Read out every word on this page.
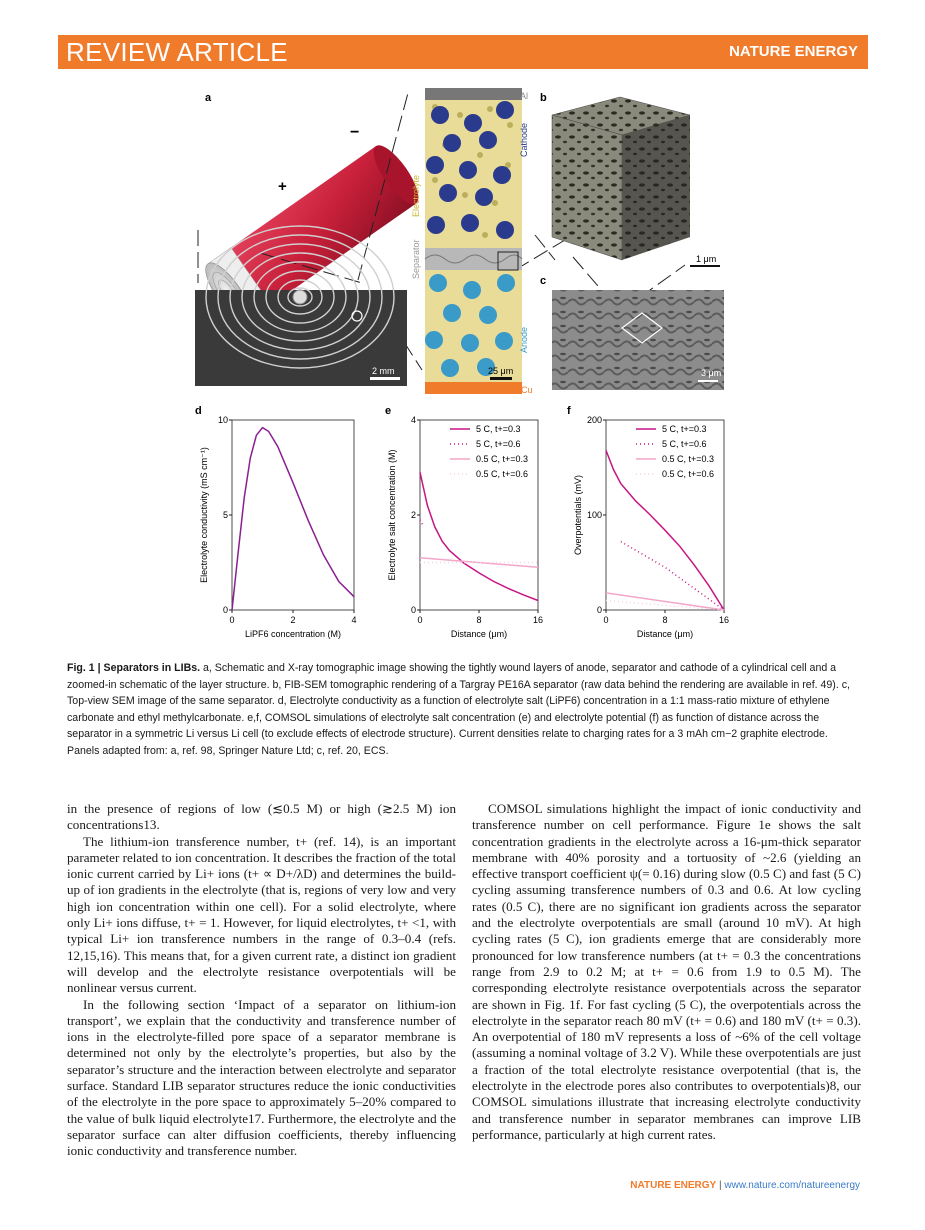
REVIEW ARTICLE	NATURE ENERGY
a
−
+
2 mm
Al
Cathode
Electrolyte
Separator
Anode
Cu
25 μm
b
1 μm
c
3 μm
d
0	2	4
0
5
10
LiPF6 concentration (M)
Electrolyte conductivity (mS cm⁻¹)
e
0	8	16
0
2
4
Distance (μm)
Electrolyte salt concentration (M)
5 C, t+=0.3
5 C, t+=0.6
0.5 C, t+=0.3
0.5 C, t+=0.6
f
0	8	16
0
100
200
Distance (μm)
Overpotentials (mV)
5 C, t+=0.3
5 C, t+=0.6
0.5 C, t+=0.3
0.5 C, t+=0.6
Fig. 1 | Separators in LIBs. a, Schematic and X-ray tomographic image showing the tightly wound layers of anode, separator and cathode of a cylindrical cell and a zoomed-in schematic of the layer structure. b, FIB-SEM tomographic rendering of a Targray PE16A separator (raw data behind the rendering are available in ref. 49). c, Top-view SEM image of the same separator. d, Electrolyte conductivity as a function of electrolyte salt (LiPF6) concentration in a 1:1 mass-ratio mixture of ethylene carbonate and ethyl methylcarbonate. e,f, COMSOL simulations of electrolyte salt concentration (e) and electrolyte potential (f) as function of distance across the separator in a symmetric Li versus Li cell (to exclude effects of electrode structure). Current densities relate to charging rates for a 3 mAh cm−2 graphite electrode. Panels adapted from: a, ref. 98, Springer Nature Ltd; c, ref. 20, ECS.

in the presence of regions of low (≲0.5 M) or high (≳2.5 M) ion concentrations13.

The lithium-ion transference number, t+ (ref. 14), is an important parameter related to ion concentration. It describes the fraction of the total ionic current carried by Li+ ions (t+ ∝ D+/λD) and determines the build-up of ion gradients in the electrolyte (that is, regions of very low and very high ion concentration within one cell). For a solid electrolyte, where only Li+ ions diffuse, t+ = 1. However, for liquid electrolytes, t+ <1, with typical Li+ ion transference numbers in the range of 0.3–0.4 (refs. 12,15,16). This means that, for a given current rate, a distinct ion gradient will develop and the electrolyte resistance overpotentials will be nonlinear versus current.

In the following section ‘Impact of a separator on lithium-ion transport’, we explain that the conductivity and transference number of ions in the electrolyte-filled pore space of a separator membrane is determined not only by the electrolyte’s properties, but also by the separator’s structure and the interaction between electrolyte and separator surface. Standard LIB separator structures reduce the ionic conductivities of the electrolyte in the pore space to approximately 5–20% compared to the value of bulk liquid electrolyte17. Furthermore, the electrolyte and the separator surface can alter diffusion coefficients, thereby influencing ionic conductivity and transference number.

COMSOL simulations highlight the impact of ionic conductivity and transference number on cell performance. Figure 1e shows the salt concentration gradients in the electrolyte across a 16-μm-thick separator membrane with 40% porosity and a tortuosity of ~2.6 (yielding an effective transport coefficient ψ(= 0.16) during slow (0.5 C) and fast (5 C) cycling assuming transference numbers of 0.3 and 0.6. At low cycling rates (0.5 C), there are no significant ion gradients across the separator and the electrolyte overpotentials are small (around 10 mV). At high cycling rates (5 C), ion gradients emerge that are considerably more pronounced for low transference numbers (at t+ = 0.3 the concentrations range from 2.9 to 0.2 M; at t+ = 0.6 from 1.9 to 0.5 M). The corresponding electrolyte resistance overpotentials across the separator are shown in Fig. 1f. For fast cycling (5 C), the overpotentials across the electrolyte in the separator reach 80 mV (t+ = 0.6) and 180 mV (t+ = 0.3). An overpotential of 180 mV represents a loss of ~6% of the cell voltage (assuming a nominal voltage of 3.2 V). While these overpotentials are just a fraction of the total electrolyte resistance overpotential (that is, the electrolyte in the electrode pores also contributes to overpotentials)8, our COMSOL simulations illustrate that increasing electrolyte conductivity and transference number in separator membranes can improve LIB performance, particularly at high current rates.

NATURE ENERGY | www.nature.com/natureenergy
